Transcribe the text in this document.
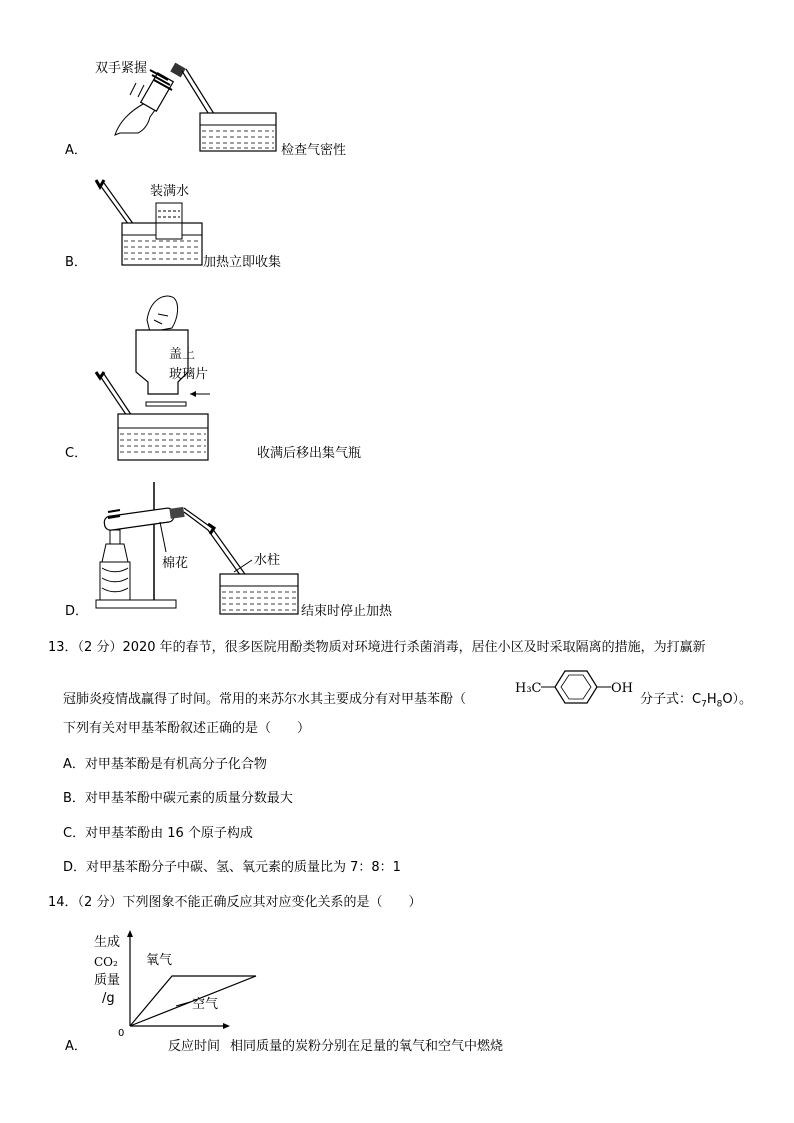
A．
双手紧握
检查气密性
B．
装满水
加热立即收集
C．
盖上
玻璃片
收满后移出集气瓶
D．
棉花	水柱
结束时停止加热
13．（2 分）2020 年的春节，很多医院用酚类物质对环境进行杀菌消毒，居住小区及时采取隔离的措施，为打赢新
冠肺炎疫情战赢得了时间。常用的来苏尔水其主要成分有对甲基苯酚（
H₃C	OH
分子式：$C_7H_8O$）。
下列有关对甲基苯酚叙述正确的是（　　）
A．对甲基苯酚是有机高分子化合物
B．对甲基苯酚中碳元素的质量分数最大
C．对甲基苯酚由 16 个原子构成
D．对甲基苯酚分子中碳、氢、氧元素的质量比为 7：8：1
14．（2 分）下列图象不能正确反应其对应变化关系的是（　　）
A．
生成
CO₂
质量
/g
0
氧气
空气
反应时间 相同质量的炭粉分别在足量的氧气和空气中燃烧
